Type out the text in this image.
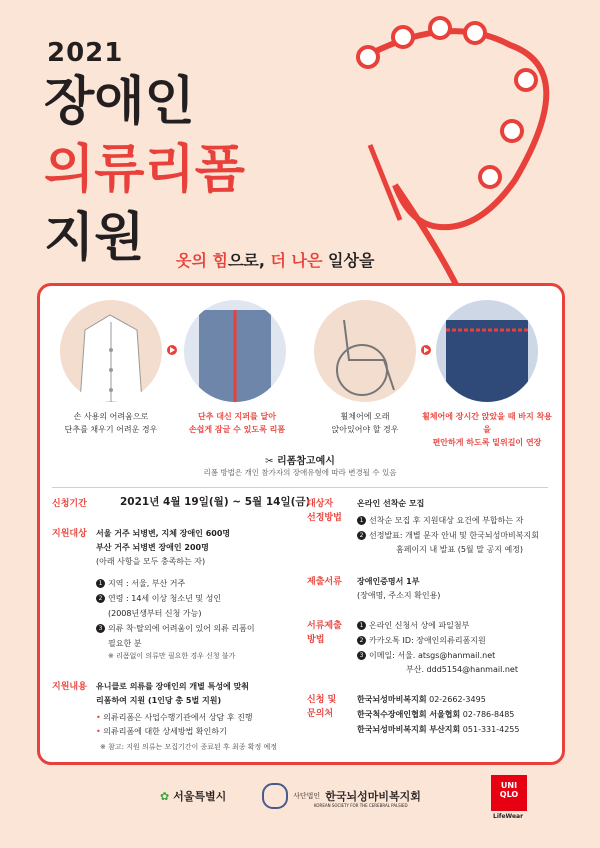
2021
장애인
의류리폼
지원 옷의 힘으로, 더 나은 일상을
손 사용의 어려움으로
단추를 채우기 어려운 경우
단추 대신 지퍼를 달아
손쉽게 잠글 수 있도록 리폼
휠체어에 오래
앉아있어야 할 경우
휠체어에 장시간 앉았을 때 바지 착용을
편안하게 하도록 밑위길이 연장
✂ 리폼참고예시
리폼 방법은 개인 참가자의 장애유형에 따라 변경될 수 있음
신청기간	2021년 4월 19일(월) ~ 5월 14일(금)
지원대상 서울 거주 뇌병변, 지체 장애인 600명
부산 거주 뇌병변 장애인 200명
(아래 사항을 모두 충족하는 자)
1 지역 : 서울, 부산 거주
2 연령 : 14세 이상 청소년 및 성인
(2008년생부터 신청 가능)
3 의류 착·탈의에 어려움이 있어 의류 리폼이
필요한 분
※ 리폼없이 의류만 필요한 경우 신청 불가
지원내용 유니클로 의류를 장애인의 개별 특성에 맞춰
리폼하여 지원 (1인당 총 5벌 지원)
• 의류리폼은 사업수행기관에서 상담 후 진행
• 의류리폼에 대한 상세방법 확인하기
※ 참고: 지원 의류는 모집기간이 종료된 후 최종 확정 예정
대상자
선정방법
온라인 선착순 모집
1 선착순 모집 후 지원대상 요건에 부합하는 자
2 선정발표: 개별 문자 안내 및 한국뇌성마비복지회
홈페이지 내 발표 (5월 말 공지 예정)
제출서류 장애인증명서 1부
(장애명, 주소지 확인용)
서류제출
방법
1 온라인 신청서 상에 파일첨부
2 카카오톡 ID: 장애인의류리폼지원
3 이메일: 서울. atsgs@hanmail.net
부산. ddd5154@hanmail.net
신청 및
문의처
한국뇌성마비복지회 02-2662-3495
한국척수장애인협회 서울협회 02-786-8485
한국뇌성마비복지회 부산지회 051-331-4255
✿ 서울특별시	사단법인 한국뇌성마비복지회
KOREAN SOCIETY FOR THE CEREBRAL PALSIED
UNI
QLO
LifeWear
